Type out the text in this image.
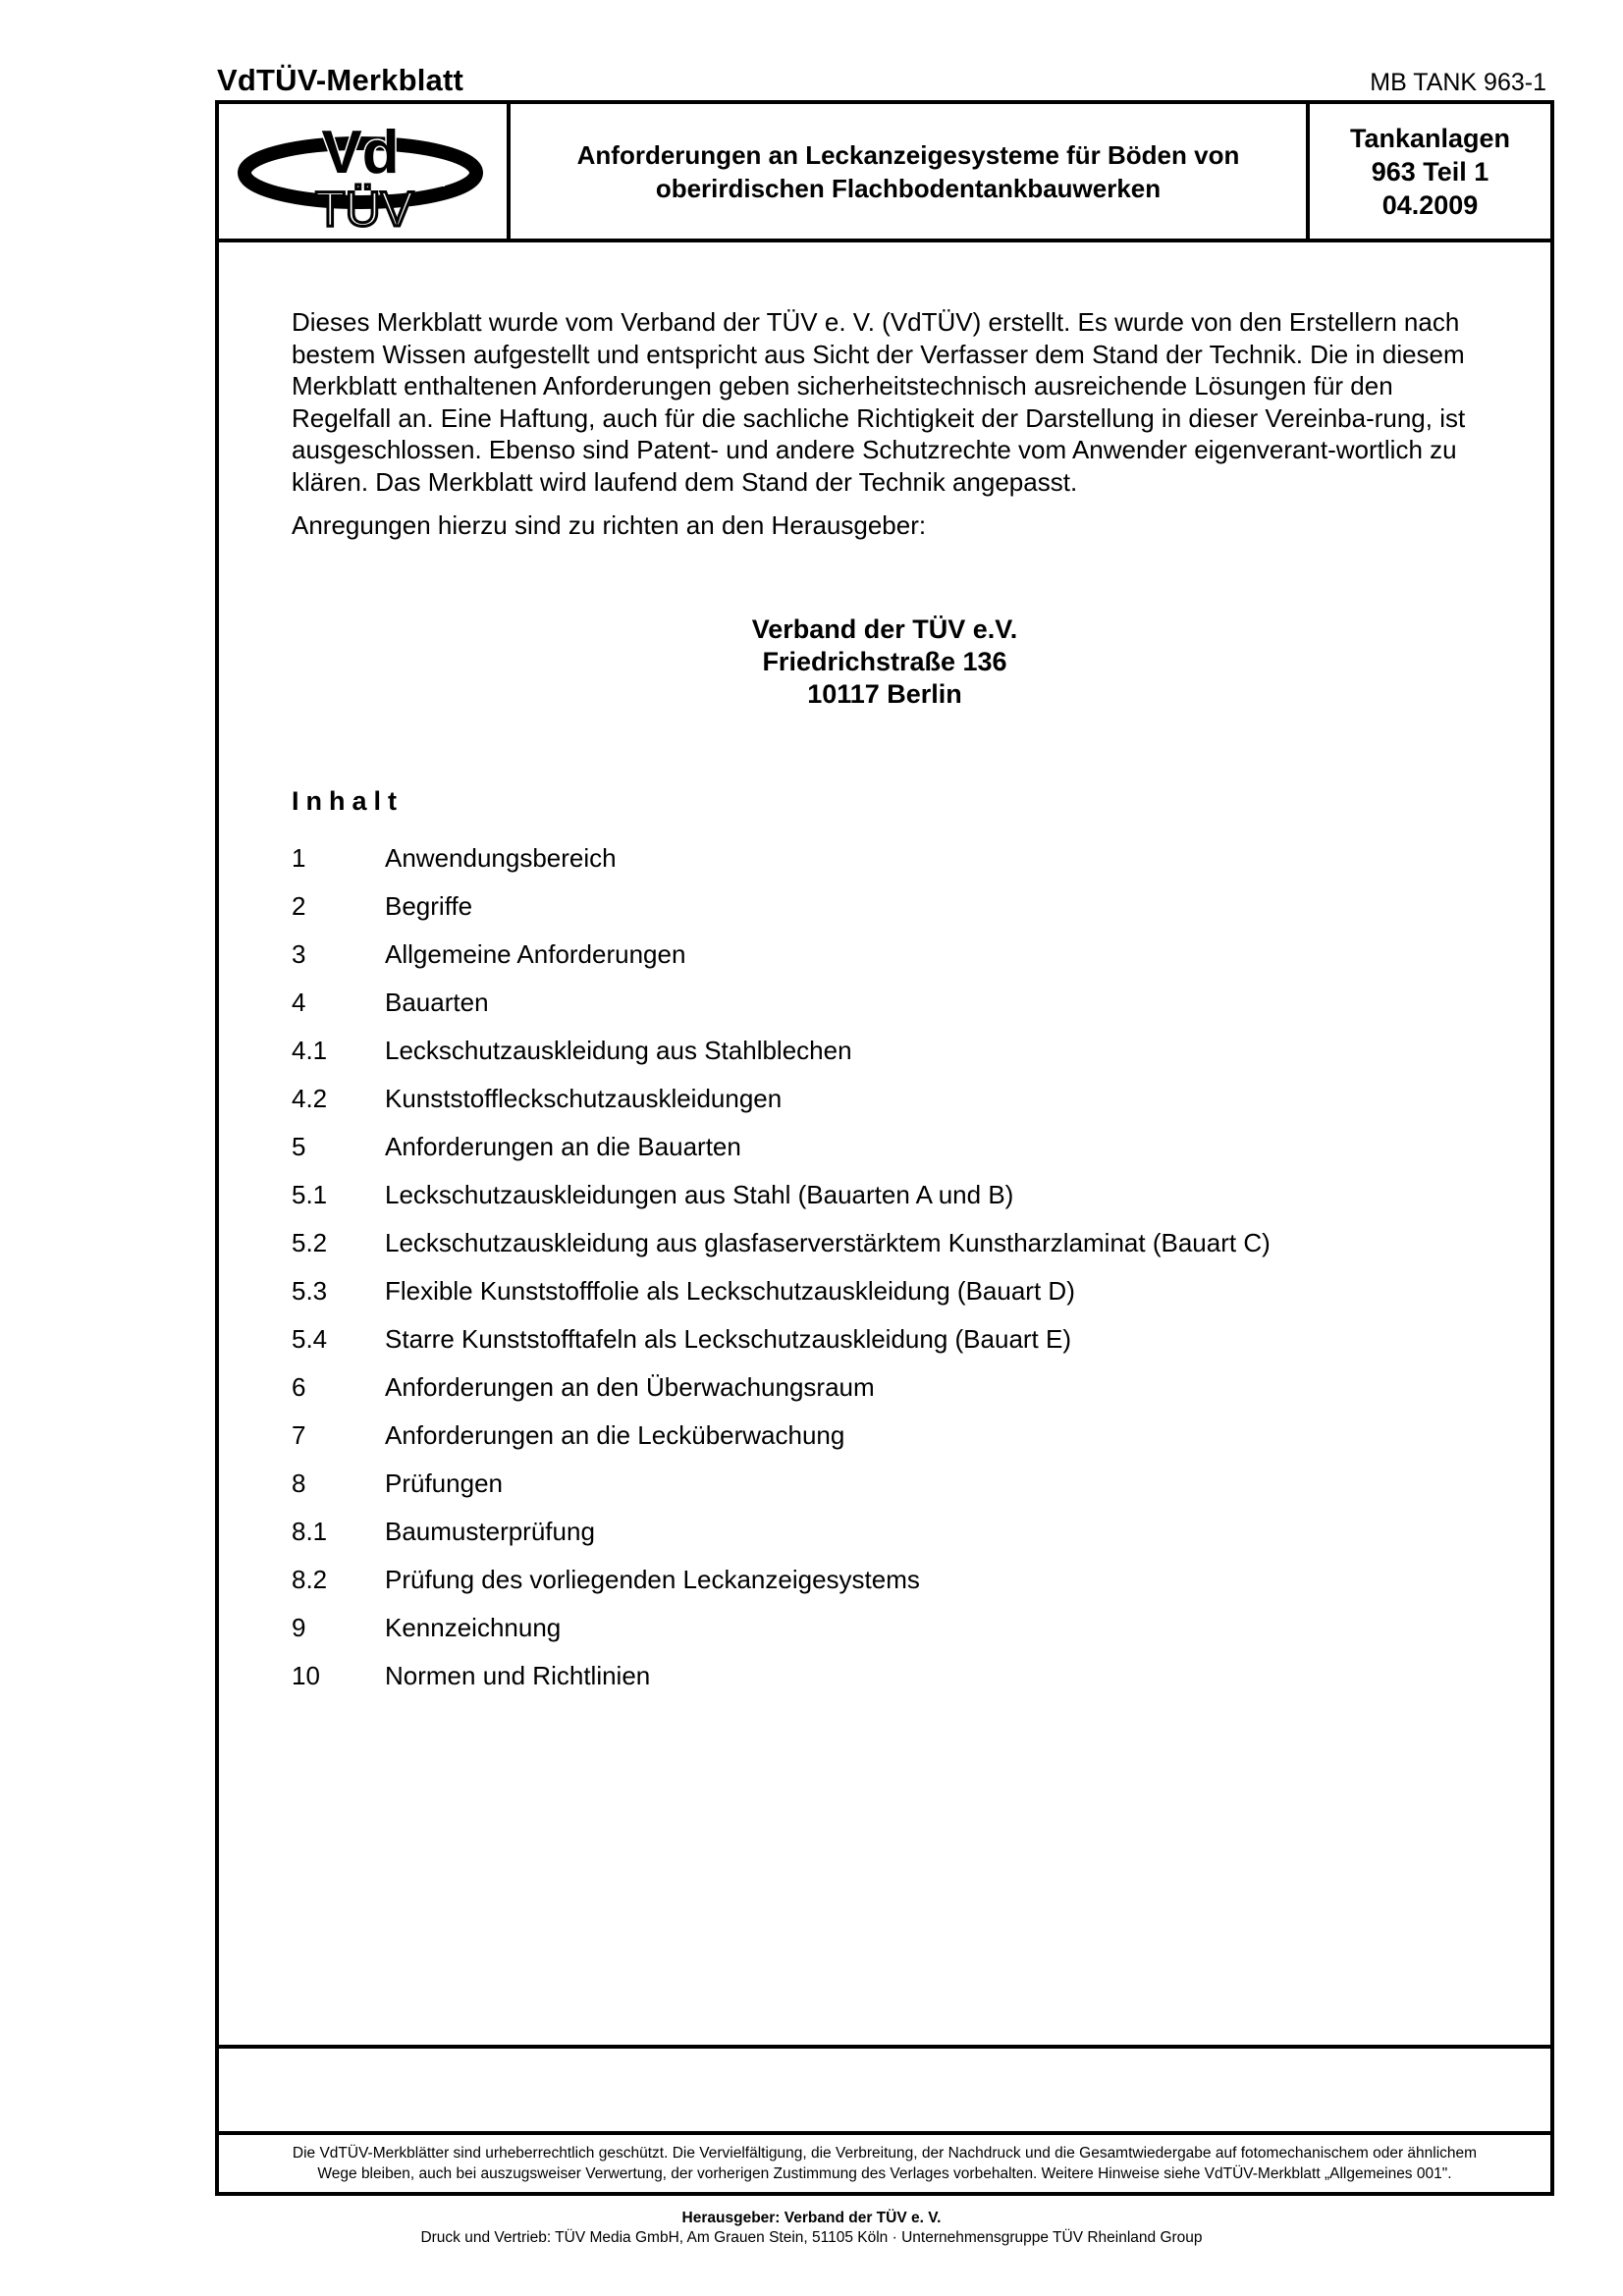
VdTÜV-Merkblatt	MB TANK 963-1
Vd
TÜV
Anforderungen an Leckanzeigesysteme für Böden von
oberirdischen Flachbodentankbauwerken
Tankanlagen
963 Teil 1
04.2009

Dieses Merkblatt wurde vom Verband der TÜV e. V. (VdTÜV) erstellt. Es wurde von den Erstellern nach bestem Wissen aufgestellt und entspricht aus Sicht der Verfasser dem Stand der Technik. Die in diesem Merkblatt enthaltenen Anforderungen geben sicherheitstechnisch ausreichende Lösungen für den Regelfall an. Eine Haftung, auch für die sachliche Richtigkeit der Darstellung in dieser Vereinba-rung, ist ausgeschlossen. Ebenso sind Patent- und andere Schutzrechte vom Anwender eigenverant-wortlich zu klären. Das Merkblatt wird laufend dem Stand der Technik angepasst.

Anregungen hierzu sind zu richten an den Herausgeber:

Verband der TÜV e.V.
Friedrichstraße 136
10117 Berlin
Inhalt
1	Anwendungsbereich
2	Begriffe
3	Allgemeine Anforderungen
4	Bauarten
4.1	Leckschutzauskleidung aus Stahlblechen
4.2	Kunststoffleckschutzauskleidungen
5	Anforderungen an die Bauarten
5.1	Leckschutzauskleidungen aus Stahl (Bauarten A und B)
5.2	Leckschutzauskleidung aus glasfaserverstärktem Kunstharzlaminat (Bauart C)
5.3	Flexible Kunststofffolie als Leckschutzauskleidung (Bauart D)
5.4	Starre Kunststofftafeln als Leckschutzauskleidung (Bauart E)
6	Anforderungen an den Überwachungsraum
7	Anforderungen an die Lecküberwachung
8	Prüfungen
8.1	Baumusterprüfung
8.2	Prüfung des vorliegenden Leckanzeigesystems
9	Kennzeichnung
10	Normen und Richtlinien
Die VdTÜV-Merkblätter sind urheberrechtlich geschützt. Die Vervielfältigung, die Verbreitung, der Nachdruck und die Gesamtwiedergabe auf fotomechanischem oder ähnlichem
Wege bleiben, auch bei auszugsweiser Verwertung, der vorherigen Zustimmung des Verlages vorbehalten. Weitere Hinweise siehe VdTÜV-Merkblatt „Allgemeines 001".
Herausgeber: Verband der TÜV e. V.
Druck und Vertrieb: TÜV Media GmbH, Am Grauen Stein, 51105 Köln · Unternehmensgruppe TÜV Rheinland Group
